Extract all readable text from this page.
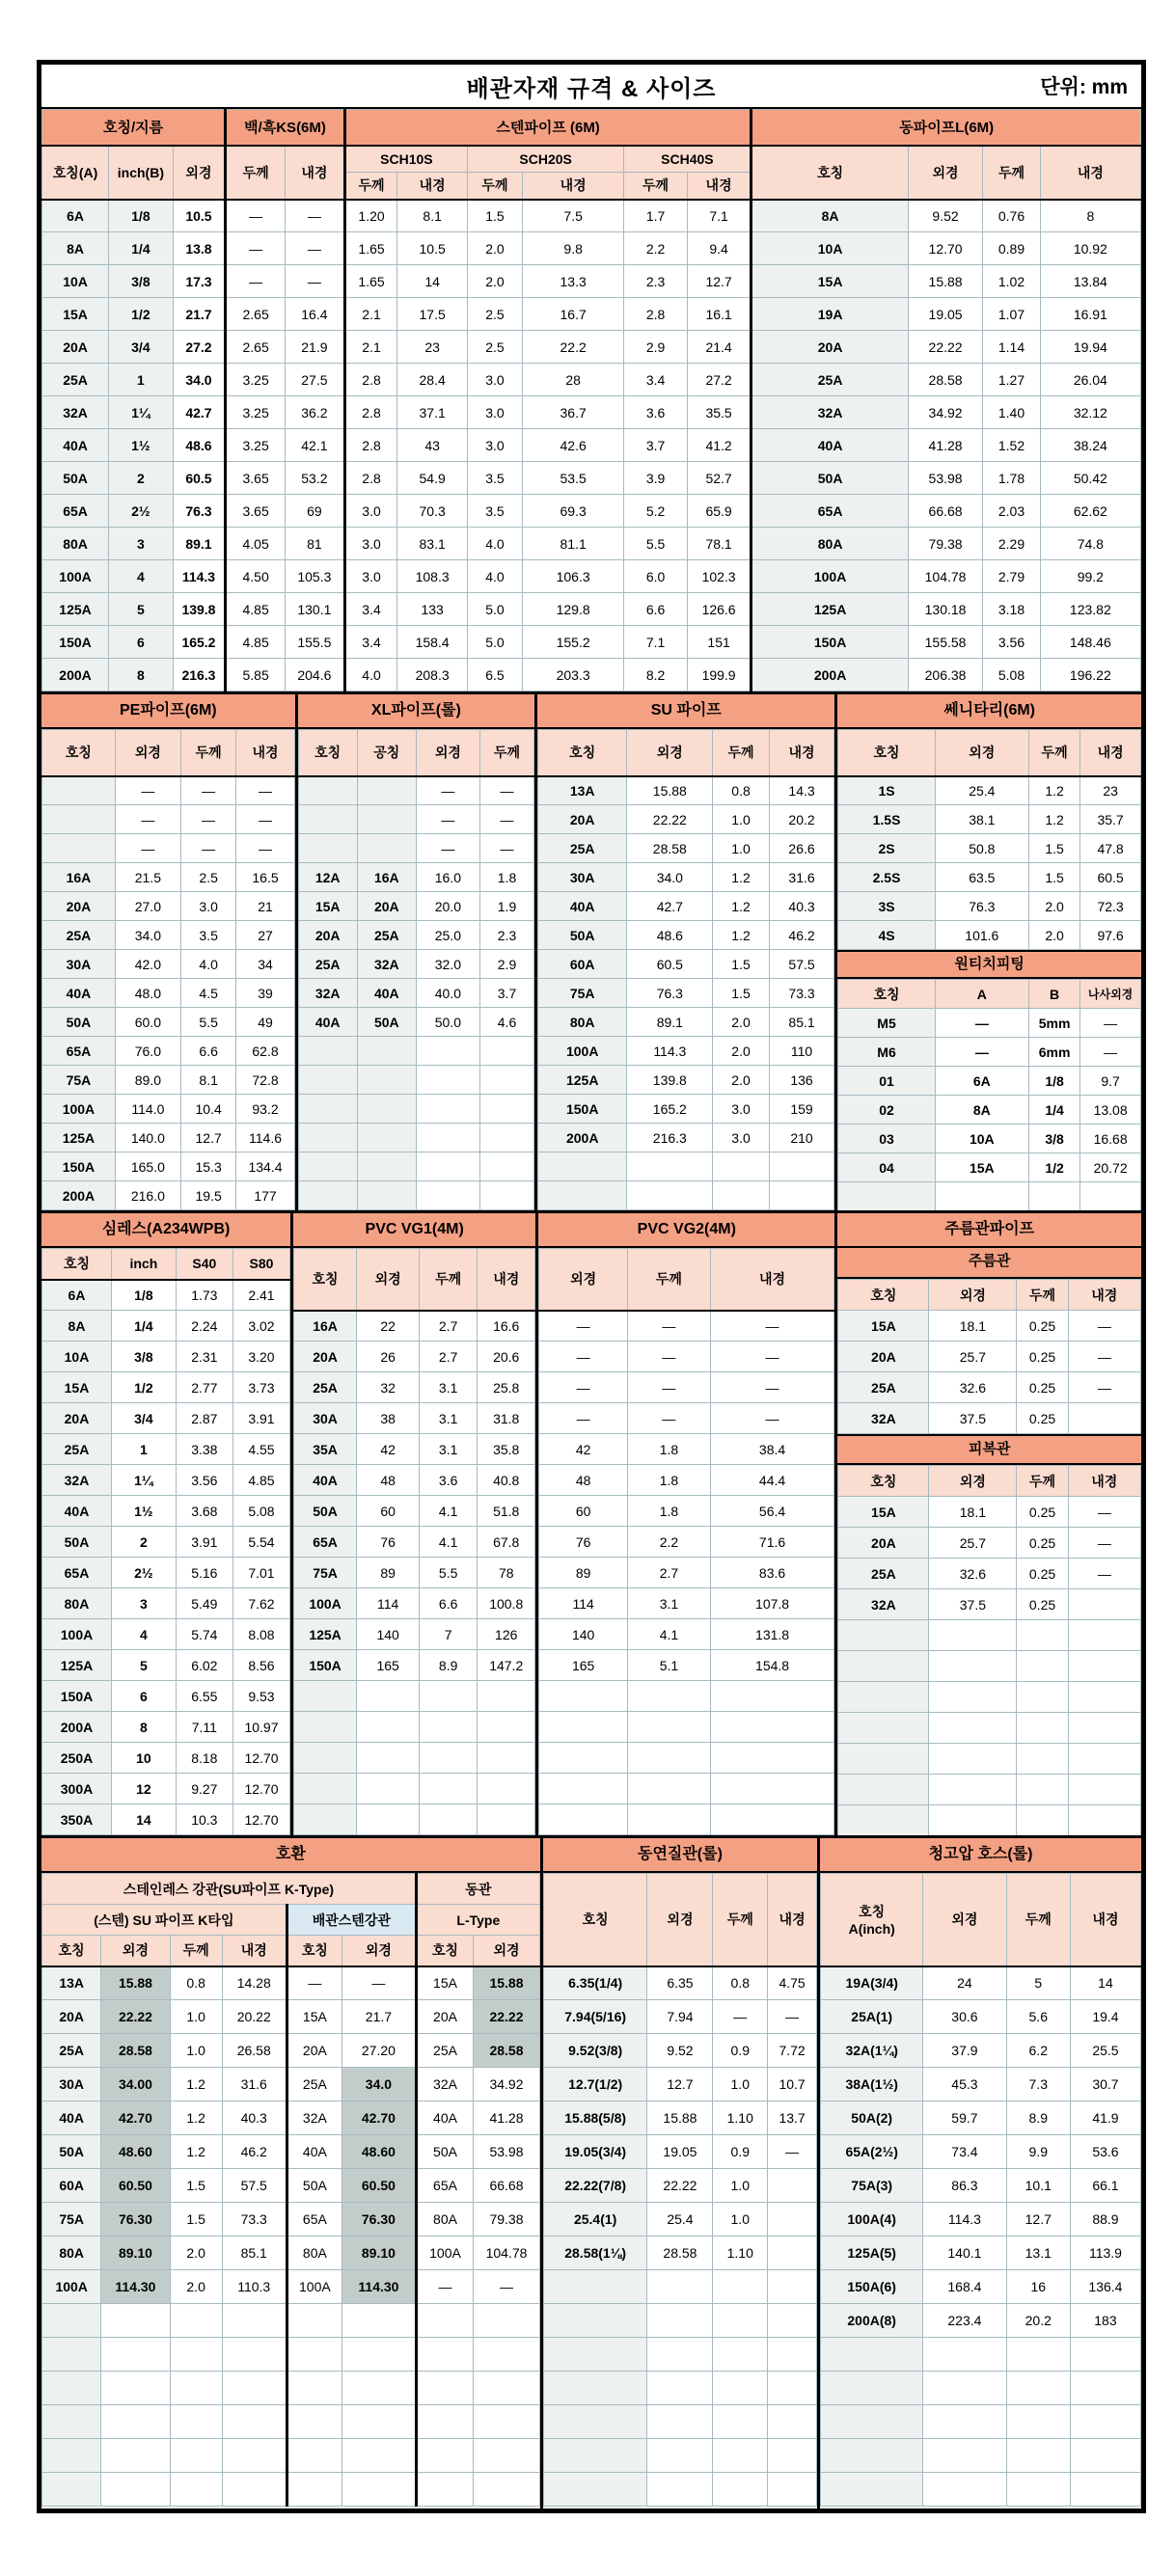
배관자재 규격 & 사이즈	단위: mm
호칭/지름			백/흑KS(6M)		스텐파이프 (6M)						동파이프L(6M)			
호칭(A)	inch(B)	외경	두께	내경	SCH10S		SCH20S		SCH40S		호칭	외경	두께	내경
					두께	내경	두께	내경	두께	내경				
6A	1/8	10.5	—	—	1.20	8.1	1.5	7.5	1.7	7.1	8A	9.52	0.76	8
8A	1/4	13.8	—	—	1.65	10.5	2.0	9.8	2.2	9.4	10A	12.70	0.89	10.92
10A	3/8	17.3	—	—	1.65	14	2.0	13.3	2.3	12.7	15A	15.88	1.02	13.84
15A	1/2	21.7	2.65	16.4	2.1	17.5	2.5	16.7	2.8	16.1	19A	19.05	1.07	16.91
20A	3/4	27.2	2.65	21.9	2.1	23	2.5	22.2	2.9	21.4	20A	22.22	1.14	19.94
25A	1	34.0	3.25	27.5	2.8	28.4	3.0	28	3.4	27.2	25A	28.58	1.27	26.04
32A	1¼	42.7	3.25	36.2	2.8	37.1	3.0	36.7	3.6	35.5	32A	34.92	1.40	32.12
40A	1½	48.6	3.25	42.1	2.8	43	3.0	42.6	3.7	41.2	40A	41.28	1.52	38.24
50A	2	60.5	3.65	53.2	2.8	54.9	3.5	53.5	3.9	52.7	50A	53.98	1.78	50.42
65A	2½	76.3	3.65	69	3.0	70.3	3.5	69.3	5.2	65.9	65A	66.68	2.03	62.62
80A	3	89.1	4.05	81	3.0	83.1	4.0	81.1	5.5	78.1	80A	79.38	2.29	74.8
100A	4	114.3	4.50	105.3	3.0	108.3	4.0	106.3	6.0	102.3	100A	104.78	2.79	99.2
125A	5	139.8	4.85	130.1	3.4	133	5.0	129.8	6.6	126.6	125A	130.18	3.18	123.82
150A	6	165.2	4.85	155.5	3.4	158.4	5.0	155.2	7.1	151	150A	155.58	3.56	148.46
200A	8	216.3	5.85	204.6	4.0	208.3	6.5	203.3	8.2	199.9	200A	206.38	5.08	196.22
PE파이프(6M)
호칭	외경	두께	내경
	—	—	—
	—	—	—
	—	—	—
16A	21.5	2.5	16.5
20A	27.0	3.0	21
25A	34.0	3.5	27
30A	42.0	4.0	34
40A	48.0	4.5	39
50A	60.0	5.5	49
65A	76.0	6.6	62.8
75A	89.0	8.1	72.8
100A	114.0	10.4	93.2
125A	140.0	12.7	114.6
150A	165.0	15.3	134.4
200A	216.0	19.5	177
XL파이프(롤)
호칭	공칭	외경	두께
		—	—
		—	—
		—	—
12A	16A	16.0	1.8
15A	20A	20.0	1.9
20A	25A	25.0	2.3
25A	32A	32.0	2.9
32A	40A	40.0	3.7
40A	50A	50.0	4.6

SU 파이프
호칭	외경	두께	내경
13A	15.88	0.8	14.3
20A	22.22	1.0	20.2
25A	28.58	1.0	26.6
30A	34.0	1.2	31.6
40A	42.7	1.2	40.3
50A	48.6	1.2	46.2
60A	60.5	1.5	57.5
75A	76.3	1.5	73.3
80A	89.1	2.0	85.1
100A	114.3	2.0	110
125A	139.8	2.0	136
150A	165.2	3.0	159
200A	216.3	3.0	210

쎄니타리(6M)
호칭	외경	두께	내경
1S	25.4	1.2	23
1.5S	38.1	1.2	35.7
2S	50.8	1.5	47.8
2.5S	63.5	1.5	60.5
3S	76.3	2.0	72.3
4S	101.6	2.0	97.6
원티치피팅
호칭	A	B	나사외경
M5	—	5mm	—
M6	—	6mm	—
01	6A	1/8	9.7
02	8A	1/4	13.08
03	10A	3/8	16.68
04	15A	1/2	20.72

심레스(A234WPB)
호칭	inch	S40	S80
6A	1/8	1.73	2.41
8A	1/4	2.24	3.02
10A	3/8	2.31	3.20
15A	1/2	2.77	3.73
20A	3/4	2.87	3.91
25A	1	3.38	4.55
32A	1¼	3.56	4.85
40A	1½	3.68	5.08
50A	2	3.91	5.54
65A	2½	5.16	7.01
80A	3	5.49	7.62
100A	4	5.74	8.08
125A	5	6.02	8.56
150A	6	6.55	9.53
200A	8	7.11	10.97
250A	10	8.18	12.70
300A	12	9.27	12.70
350A	14	10.3	12.70
PVC VG1(4M)
호칭	외경	두께	내경
16A	22	2.7	16.6
20A	26	2.7	20.6
25A	32	3.1	25.8
30A	38	3.1	31.8
35A	42	3.1	35.8
40A	48	3.6	40.8
50A	60	4.1	51.8
65A	76	4.1	67.8
75A	89	5.5	78
100A	114	6.6	100.8
125A	140	7	126
150A	165	8.9	147.2

PVC VG2(4M)
외경	두께	내경
—	—	—
—	—	—
—	—	—
—	—	—
42	1.8	38.4
48	1.8	44.4
60	1.8	56.4
76	2.2	71.6
89	2.7	83.6
114	3.1	107.8
140	4.1	131.8
165	5.1	154.8

주름관파이프
주름관
호칭	외경	두께	내경
15A	18.1	0.25	—
20A	25.7	0.25	—
25A	32.6	0.25	—
32A	37.5	0.25	
피복관
호칭	외경	두께	내경
15A	18.1	0.25	—
20A	25.7	0.25	—
25A	32.6	0.25	—
32A	37.5	0.25	

호환
스테인레스 강관(SU파이프 K-Type)						동관	
(스텐) SU 파이프 K타입				배관스텐강관		L-Type	
호칭	외경	두께	내경	호칭	외경	호칭	외경
13A	15.88	0.8	14.28	—	—	15A	15.88
20A	22.22	1.0	20.22	15A	21.7	20A	22.22
25A	28.58	1.0	26.58	20A	27.20	25A	28.58
30A	34.00	1.2	31.6	25A	34.0	32A	34.92
40A	42.70	1.2	40.3	32A	42.70	40A	41.28
50A	48.60	1.2	46.2	40A	48.60	50A	53.98
60A	60.50	1.5	57.5	50A	60.50	65A	66.68
75A	76.30	1.5	73.3	65A	76.30	80A	79.38
80A	89.10	2.0	85.1	80A	89.10	100A	104.78
100A	114.30	2.0	110.3	100A	114.30	—	—

동연질관(롤)
호칭	외경	두께	내경
6.35(1/4)	6.35	0.8	4.75
7.94(5/16)	7.94	—	—
9.52(3/8)	9.52	0.9	7.72
12.7(1/2)	12.7	1.0	10.7
15.88(5/8)	15.88	1.10	13.7
19.05(3/4)	19.05	0.9	—
22.22(7/8)	22.22	1.0	
25.4(1)	25.4	1.0	
28.58(1⅛)	28.58	1.10	

청고압 호스(롤)
호칭
A(inch)	외경	두께	내경
19A(3/4)	24	5	14
25A(1)	30.6	5.6	19.4
32A(1¼)	37.9	6.2	25.5
38A(1½)	45.3	7.3	30.7
50A(2)	59.7	8.9	41.9
65A(2½)	73.4	9.9	53.6
75A(3)	86.3	10.1	66.1
100A(4)	114.3	12.7	88.9
125A(5)	140.1	13.1	113.9
150A(6)	168.4	16	136.4
200A(8)	223.4	20.2	183
